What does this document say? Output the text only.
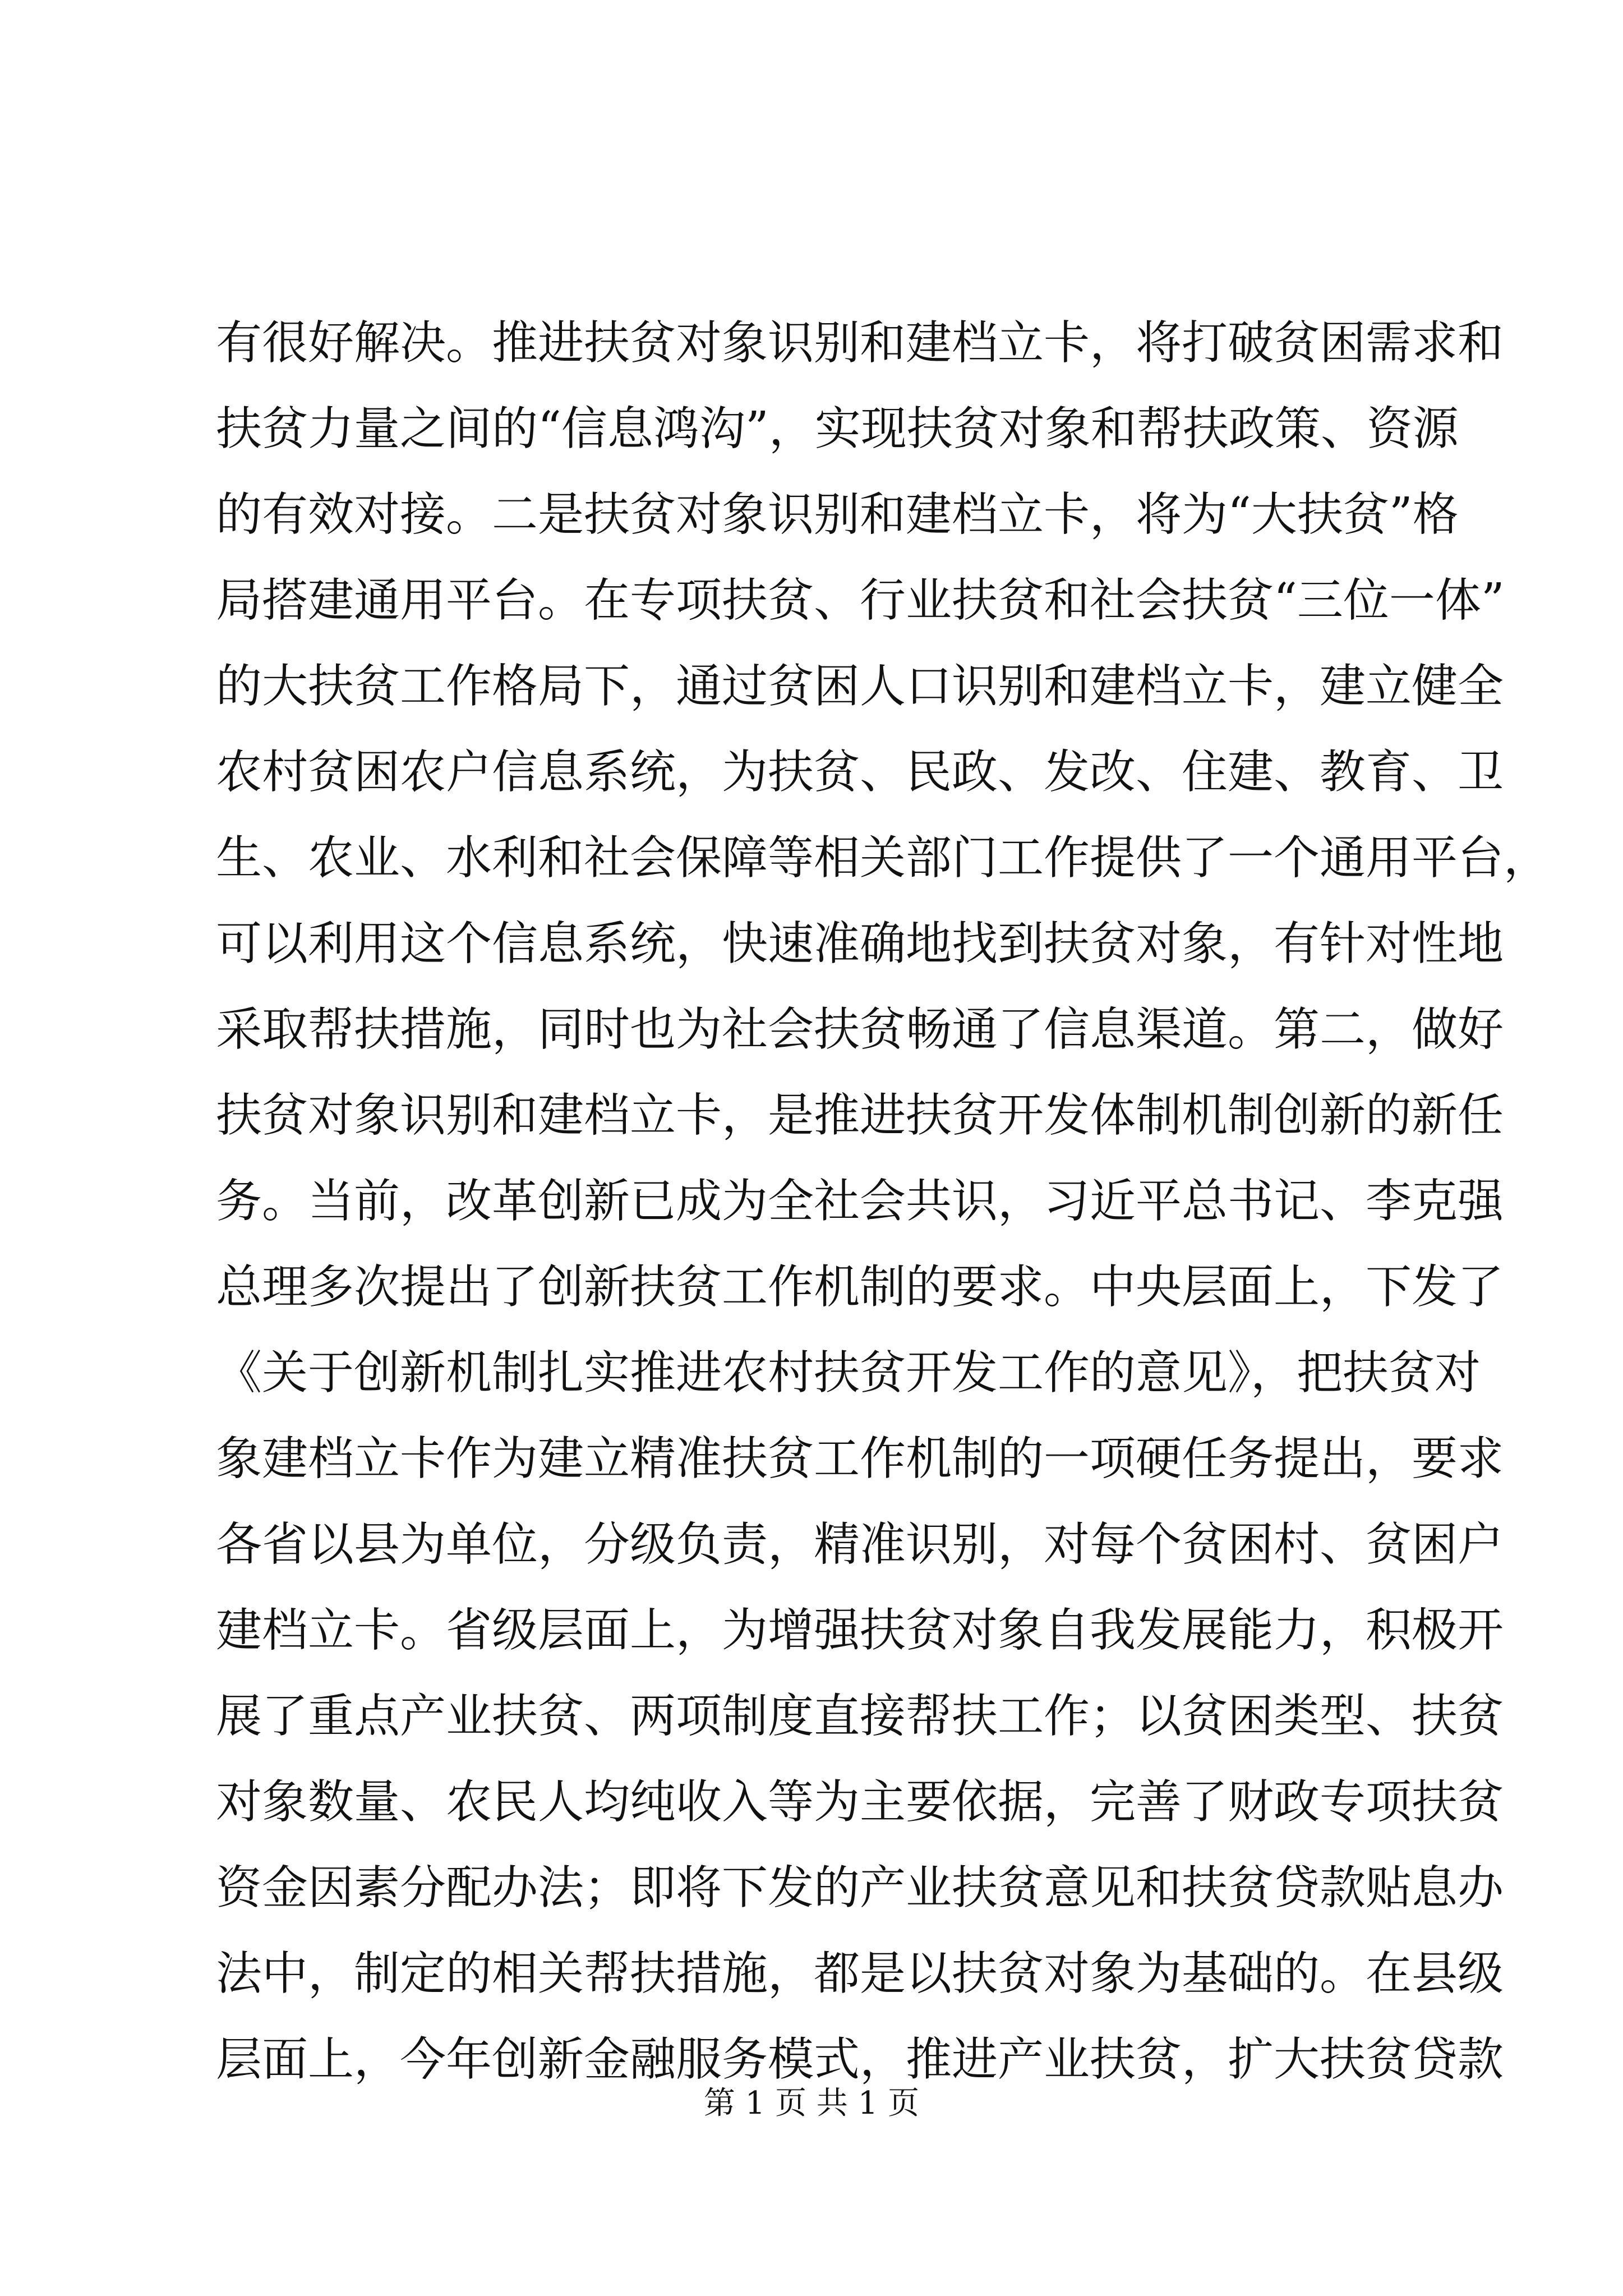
有很好解决。推进扶贫对象识别和建档立卡，将打破贫困需求和
扶贫力量之间的“信息鸿沟”，实现扶贫对象和帮扶政策、资源
的有效对接。二是扶贫对象识别和建档立卡，将为“大扶贫”格
局搭建通用平台。在专项扶贫、行业扶贫和社会扶贫“三位一体”
的大扶贫工作格局下，通过贫困人口识别和建档立卡，建立健全
农村贫困农户信息系统，为扶贫、民政、发改、住建、教育、卫
生、农业、水利和社会保障等相关部门工作提供了一个通用平台，
可以利用这个信息系统，快速准确地找到扶贫对象，有针对性地
采取帮扶措施，同时也为社会扶贫畅通了信息渠道。第二，做好
扶贫对象识别和建档立卡，是推进扶贫开发体制机制创新的新任
务。当前，改革创新已成为全社会共识，习近平总书记、李克强
总理多次提出了创新扶贫工作机制的要求。中央层面上，下发了
《关于创新机制扎实推进农村扶贫开发工作的意见》，把扶贫对
象建档立卡作为建立精准扶贫工作机制的一项硬任务提出，要求
各省以县为单位，分级负责，精准识别，对每个贫困村、贫困户
建档立卡。省级层面上，为增强扶贫对象自我发展能力，积极开
展了重点产业扶贫、两项制度直接帮扶工作；以贫困类型、扶贫
对象数量、农民人均纯收入等为主要依据，完善了财政专项扶贫
资金因素分配办法；即将下发的产业扶贫意见和扶贫贷款贴息办
法中，制定的相关帮扶措施，都是以扶贫对象为基础的。在县级
层面上，今年创新金融服务模式，推进产业扶贫，扩大扶贫贷款
第 1 页 共 1 页
